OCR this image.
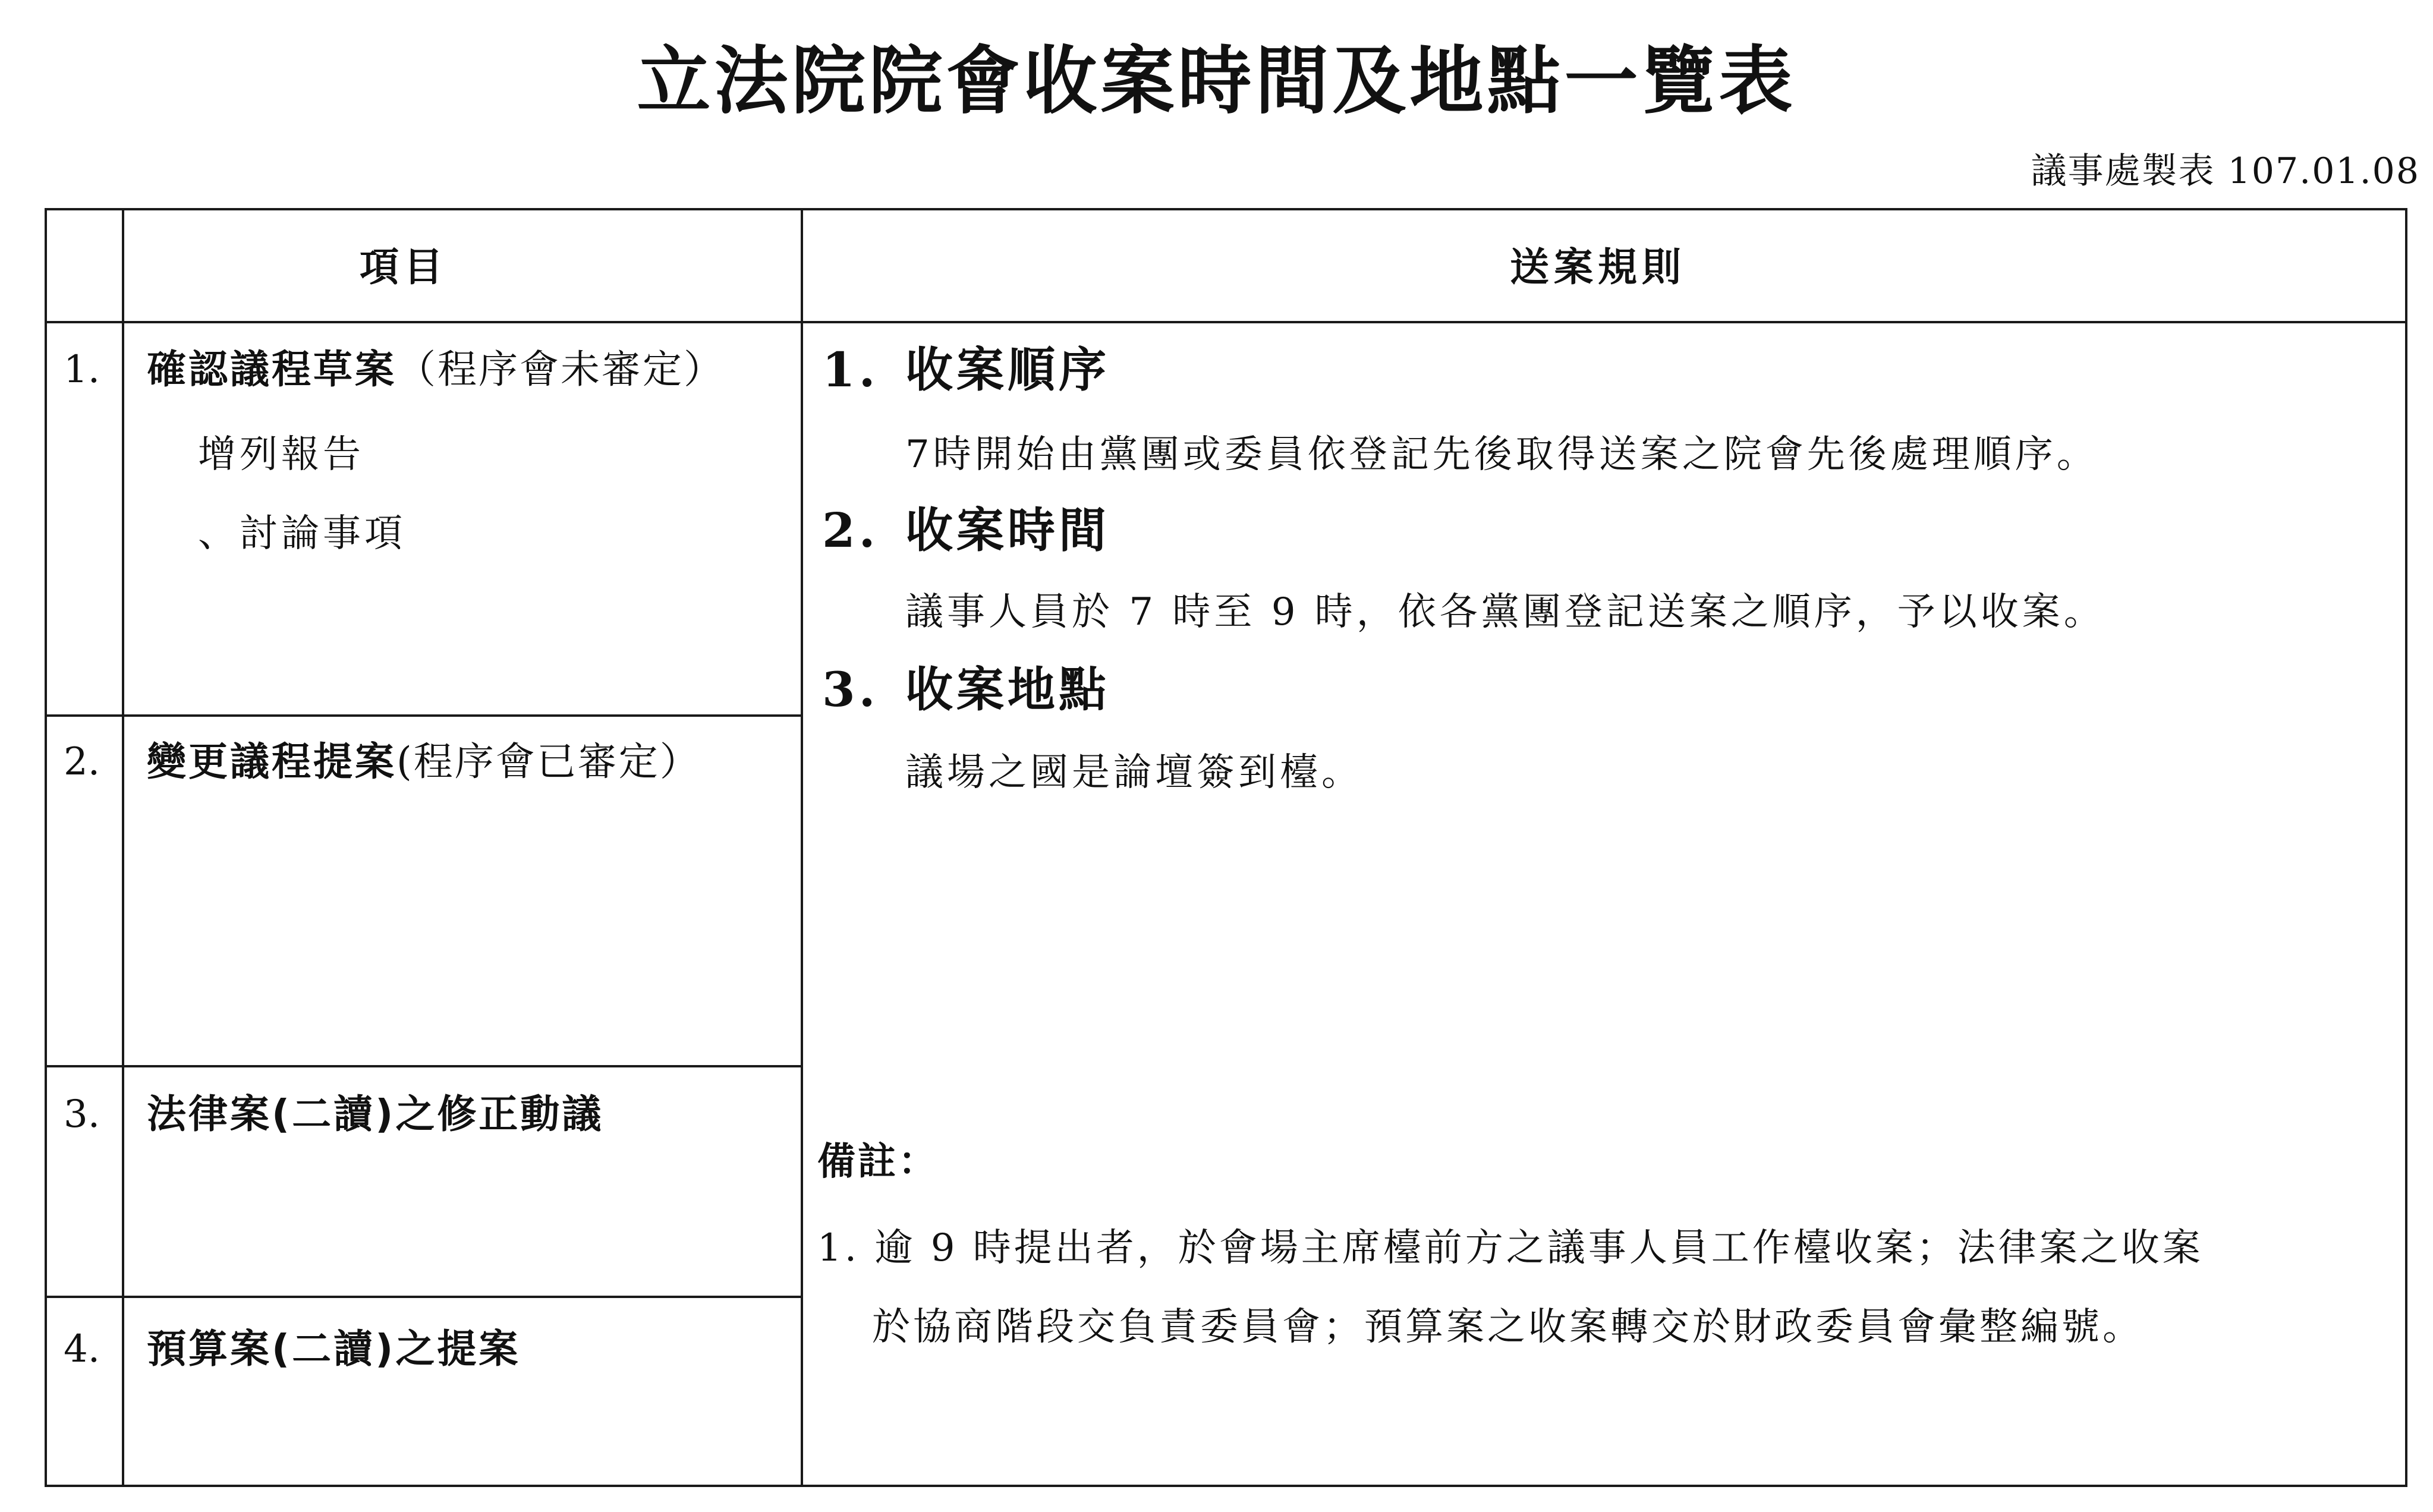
立法院院會收案時間及地點一覽表
議事處製表 107.01.08
項目	送案規則
1. 確認議程草案（程序會未審定）
增列報告
、討論事項
2. 變更議程提案(程序會已審定）
3. 法律案(二讀)之修正動議
4. 預算案(二讀)之提案
1. 收案順序
7時開始由黨團或委員依登記先後取得送案之院會先後處理順序。
2. 收案時間
議事人員於 7 時至 9 時，依各黨團登記送案之順序，予以收案。
3. 收案地點
議場之國是論壇簽到檯。
備註：
1. 逾 9 時提出者，於會場主席檯前方之議事人員工作檯收案；法律案之收案
於協商階段交負責委員會；預算案之收案轉交於財政委員會彙整編號。
